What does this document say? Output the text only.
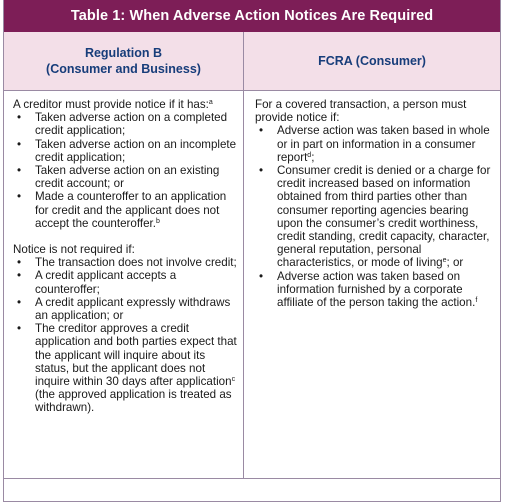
Table 1: When Adverse Action Notices Are Required
Regulation B
(Consumer and Business)
FCRA (Consumer)

A creditor must provide notice if it has:$^a$

• Taken adverse action on a completed credit application;
• Taken adverse action on an incomplete credit application;
• Taken adverse action on an existing credit account; or
• Made a counteroffer to an application for credit and the applicant does not accept the counteroffer.$^b$

Notice is not required if:

• The transaction does not involve credit;
• A credit applicant accepts a counteroffer;
• A credit applicant expressly withdraws an application; or
• The creditor approves a credit application and both parties expect that the applicant will inquire about its status, but the applicant does not inquire within 30 days after application$^c$ (the approved application is treated as withdrawn).

For a covered transaction, a person must provide notice if:

• Adverse action was taken based in whole or in part on information in a consumer report$^d$;
• Consumer credit is denied or a charge for credit increased based on information obtained from third parties other than consumer reporting agencies bearing upon the consumer’s credit worthiness, credit standing, credit capacity, character, general reputation, personal characteristics, or mode of living$^e$; or
• Adverse action was taken based on information furnished by a corporate affiliate of the person taking the action.$^f$
